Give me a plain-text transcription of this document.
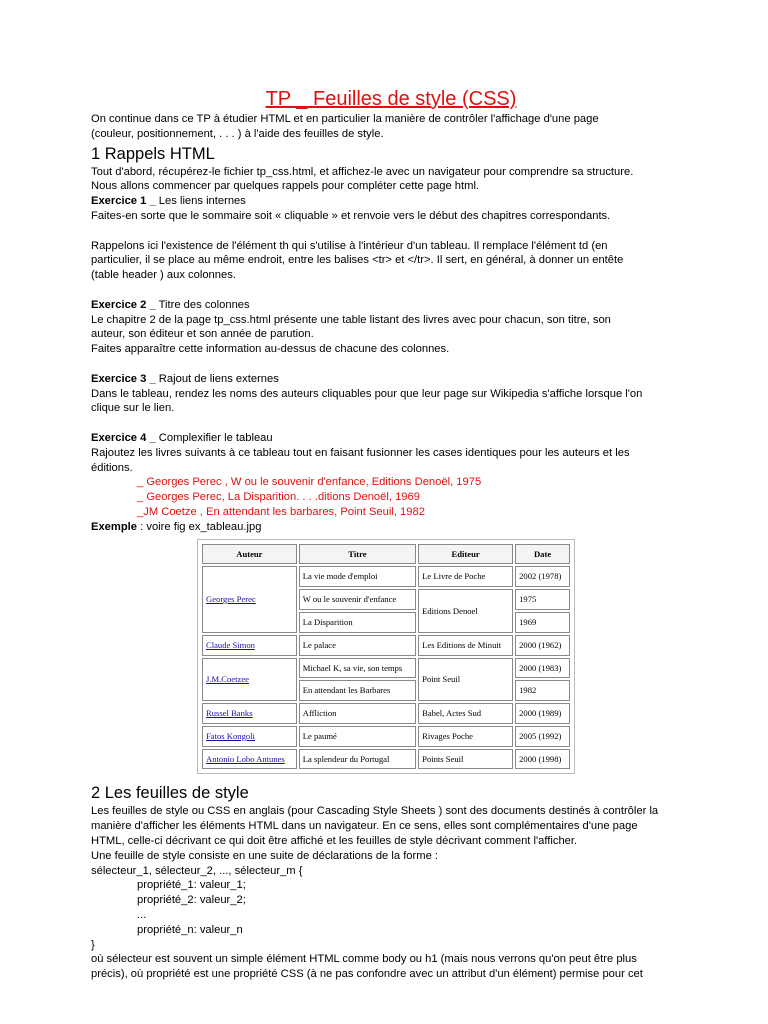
TP _ Feuilles de style (CSS)

On continue dans ce TP à étudier HTML et en particulier la manière de contrôler l'affichage d'une page

(couleur, positionnement, . . . ) à l'aide des feuilles de style.

1 Rappels HTML

Tout d'abord, récupérez-le fichier tp_css.html, et affichez-le avec un navigateur pour comprendre sa structure.

Nous allons commencer par quelques rappels pour compléter cette page html.

Exercice 1 _ Les liens internes

Faites-en sorte que le sommaire soit « cliquable » et renvoie vers le début des chapitres correspondants.

Rappelons ici l'existence de l'élément th qui s'utilise à l'intérieur d'un tableau. Il remplace l'élément td (en

particulier, il se place au même endroit, entre les balises <tr> et </tr>. Il sert, en général, à donner un entête

(table header ) aux colonnes.

Exercice 2 _ Titre des colonnes

Le chapitre 2 de la page tp_css.html présente une table listant des livres avec pour chacun, son titre, son

auteur, son éditeur et son année de parution.

Faites apparaître cette information au-dessus de chacune des colonnes.

Exercice 3 _ Rajout de liens externes

Dans le tableau, rendez les noms des auteurs cliquables pour que leur page sur Wikipedia s'affiche lorsque l'on

clique sur le lien.

Exercice 4 _ Complexifier le tableau

Rajoutez les livres suivants à ce tableau tout en faisant fusionner les cases identiques pour les auteurs et les

éditions.

_ Georges Perec , W ou le souvenir d'enfance, Editions Denoël, 1975

_ Georges Perec, La Disparition. . . .ditions Denoël, 1969

_JM Coetze , En attendant les barbares, Point Seuil, 1982

Exemple : voire fig ex_tableau.jpg

Auteur	Titre	Editeur	Date
Georges Perec	La vie mode d'emploi	Le Livre de Poche	2002 (1978)
	W ou le souvenir d'enfance	Editions Denoel	1975
	La Disparition		1969
Claude Simon	Le palace	Les Editions de Minuit	2000 (1962)
J.M.Coetzee	Michael K, sa vie, son temps	Point Seuil	2000 (1983)
	En attendant les Barbares		1982
Russel Banks	Affliction	Babel, Actes Sud	2000 (1989)
Fatos Kongoli	Le paumé	Rivages Poche	2005 (1992)
Antonio Lobo Antunes	La splendeur du Portugal	Points Seuil	2000 (1998)
2 Les feuilles de style

Les feuilles de style ou CSS en anglais (pour Cascading Style Sheets ) sont des documents destinés à contrôler la

manière d'afficher les éléments HTML dans un navigateur. En ce sens, elles sont complémentaires d'une page

HTML, celle-ci décrivant ce qui doit être affiché et les feuilles de style décrivant comment l'afficher.

Une feuille de style consiste en une suite de déclarations de la forme :

sélecteur_1, sélecteur_2, ..., sélecteur_m {

propriété_1: valeur_1;

propriété_2: valeur_2;

...

propriété_n: valeur_n

}

où sélecteur est souvent un simple élément HTML comme body ou h1 (mais nous verrons qu'on peut être plus

précis), où propriété est une propriété CSS (à ne pas confondre avec un attribut d'un élément) permise pour cet
